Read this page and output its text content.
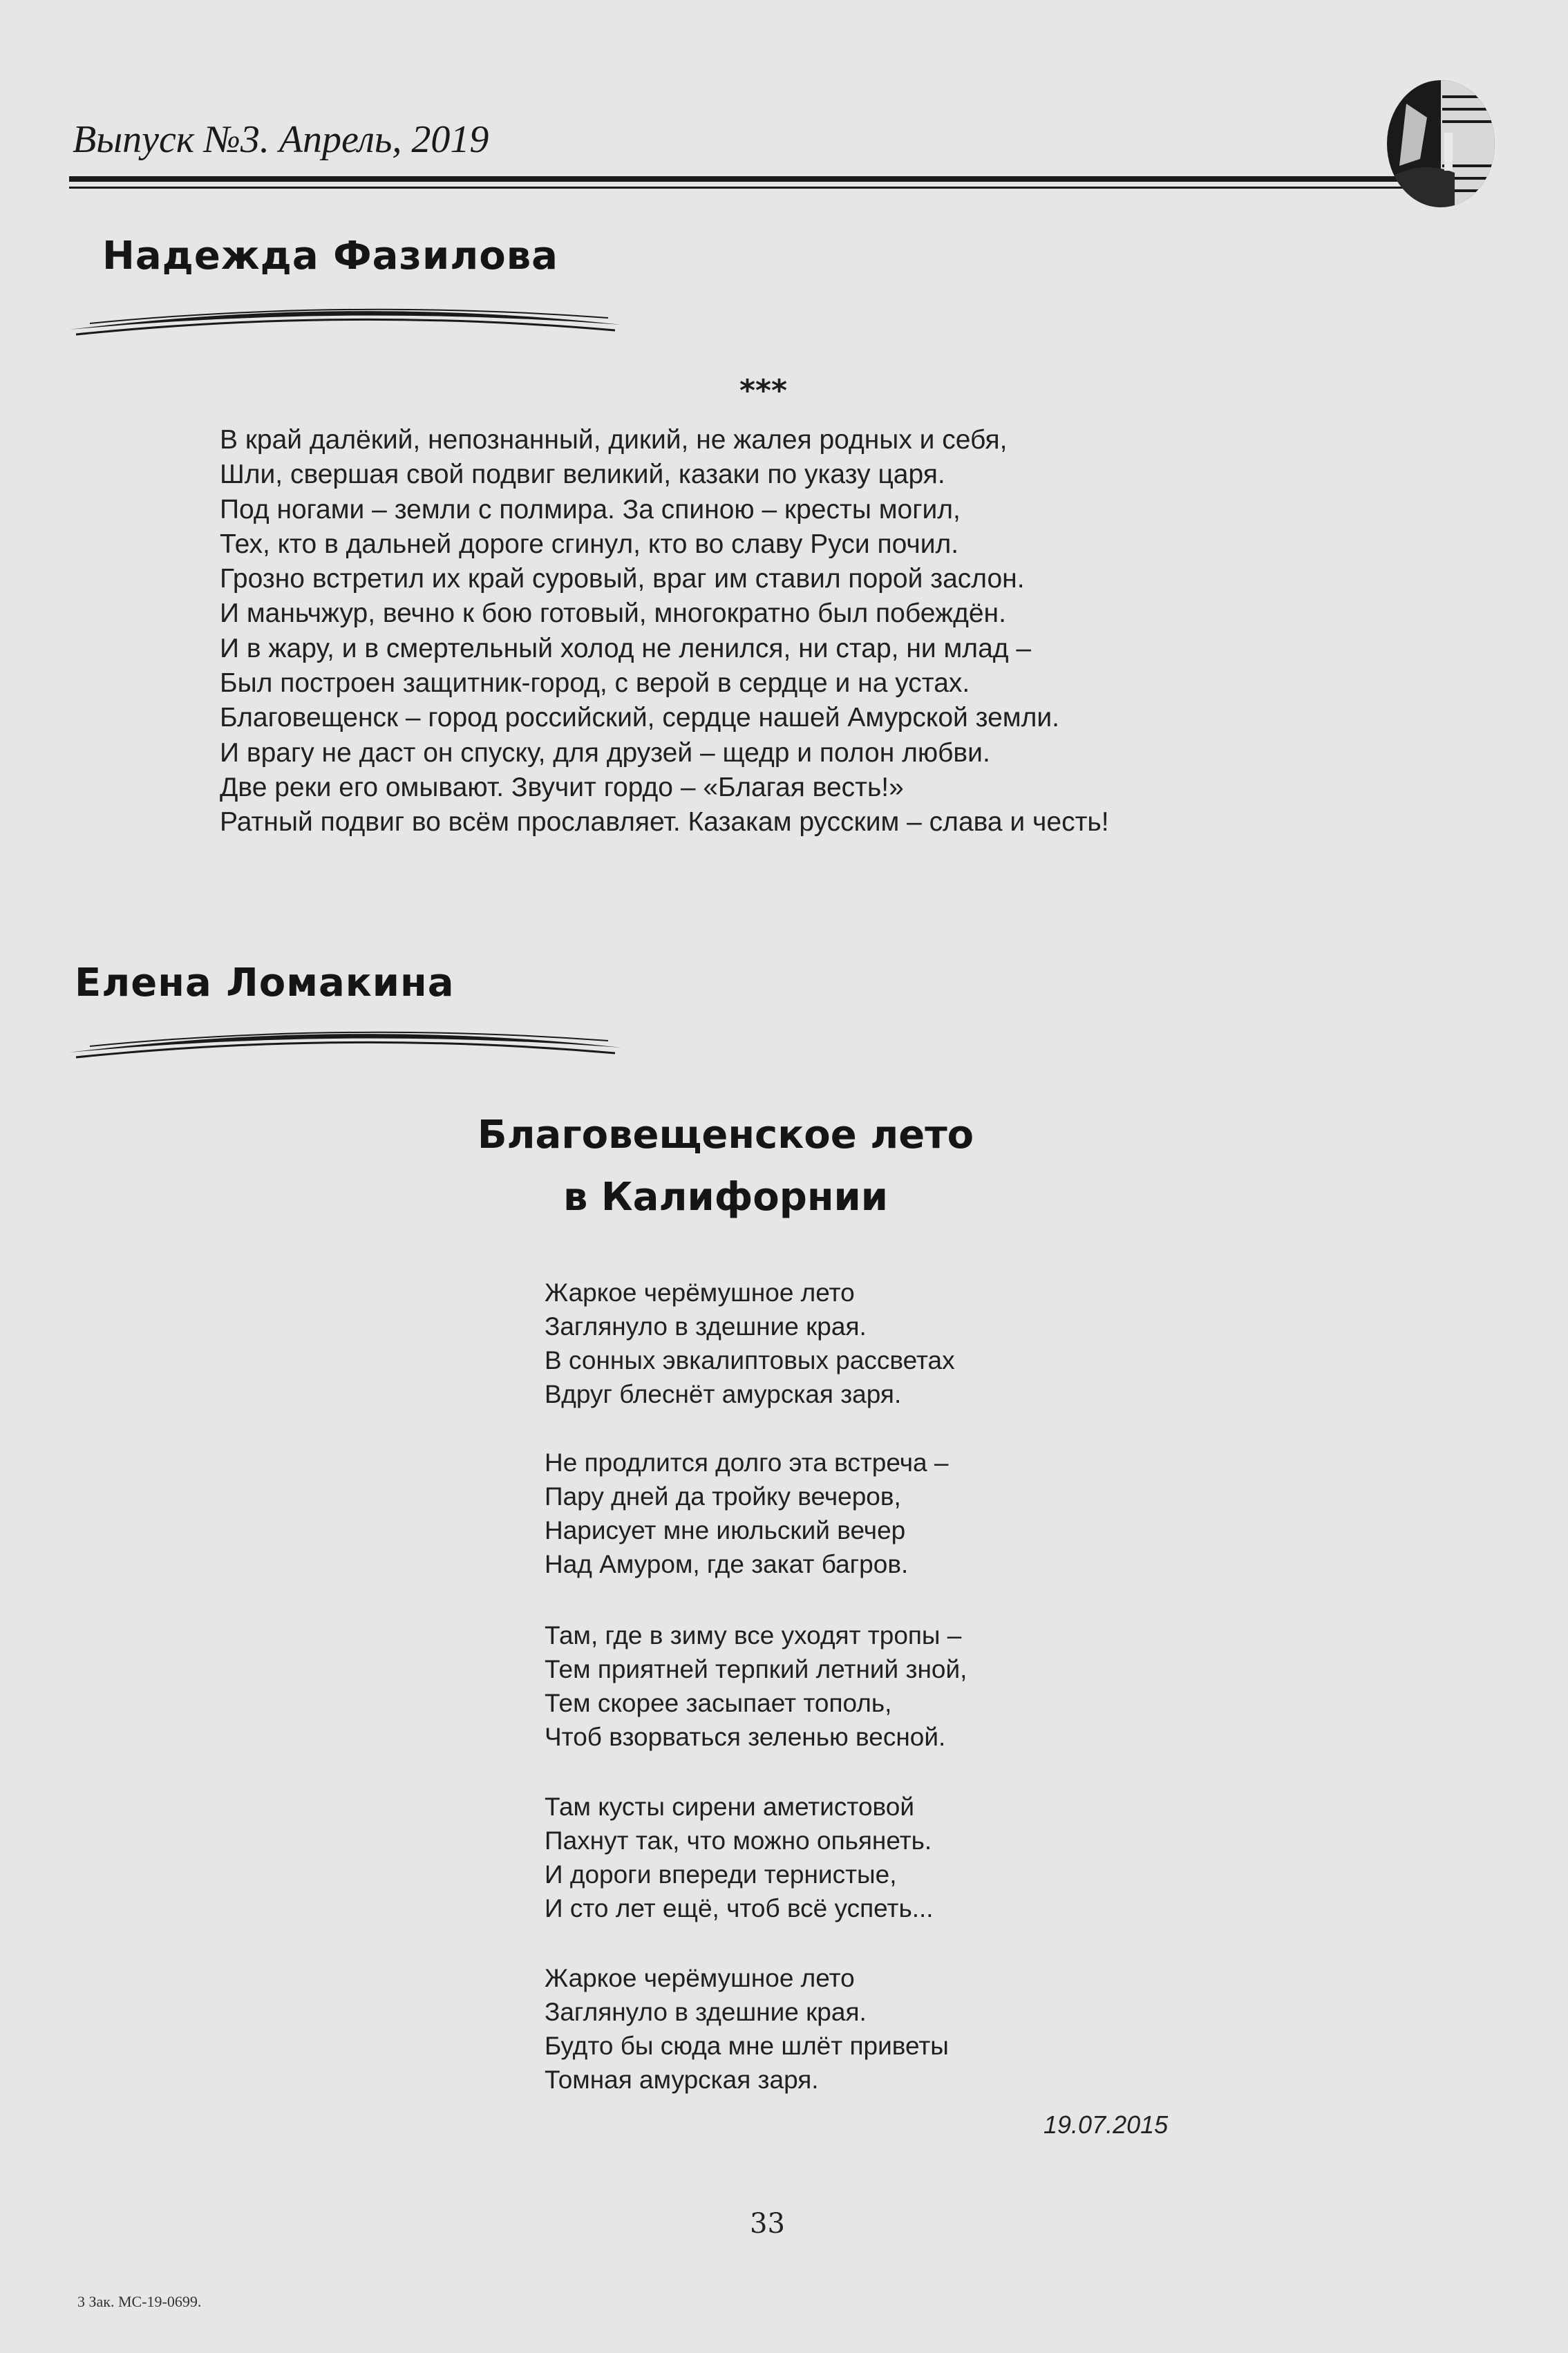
Выпуск №3. Апрель, 2019
Надежда Фазилова
***
В край далёкий, непознанный, дикий, не жалея родных и себя,
Шли, свершая свой подвиг великий, казаки по указу царя.
Под ногами – земли с полмира. За спиною – кресты могил,
Тех, кто в дальней дороге сгинул, кто во славу Руси почил.
Грозно встретил их край суровый, враг им ставил порой заслон.
И маньчжур, вечно к бою готовый, многократно был побеждён.
И в жару, и в смертельный холод не ленился, ни стар, ни млад –
Был построен защитник-город, с верой в сердце и на устах.
Благовещенск – город российский, сердце нашей Амурской земли.
И врагу не даст он спуску, для друзей – щедр и полон любви.
Две реки его омывают. Звучит гордо – «Благая весть!»
Ратный подвиг во всём прославляет. Казакам русским – слава и честь!
Елена Ломакина
Благовещенское лето
в Калифорнии
Жаркое черёмушное лето
Заглянуло в здешние края.
В сонных эвкалиптовых рассветах
Вдруг блеснёт амурская заря.
Не продлится долго эта встреча –
Пару дней да тройку вечеров,
Нарисует мне июльский вечер
Над Амуром, где закат багров.
Там, где в зиму все уходят тропы –
Тем приятней терпкий летний зной,
Тем скорее засыпает тополь,
Чтоб взорваться зеленью весной.
Там кусты сирени аметистовой
Пахнут так, что можно опьянеть.
И дороги впереди тернистые,
И сто лет ещё, чтоб всё успеть...
Жаркое черёмушное лето
Заглянуло в здешние края.
Будто бы сюда мне шлёт приветы
Томная амурская заря.
19.07.2015
33
3 Зак. МС-19-0699.
